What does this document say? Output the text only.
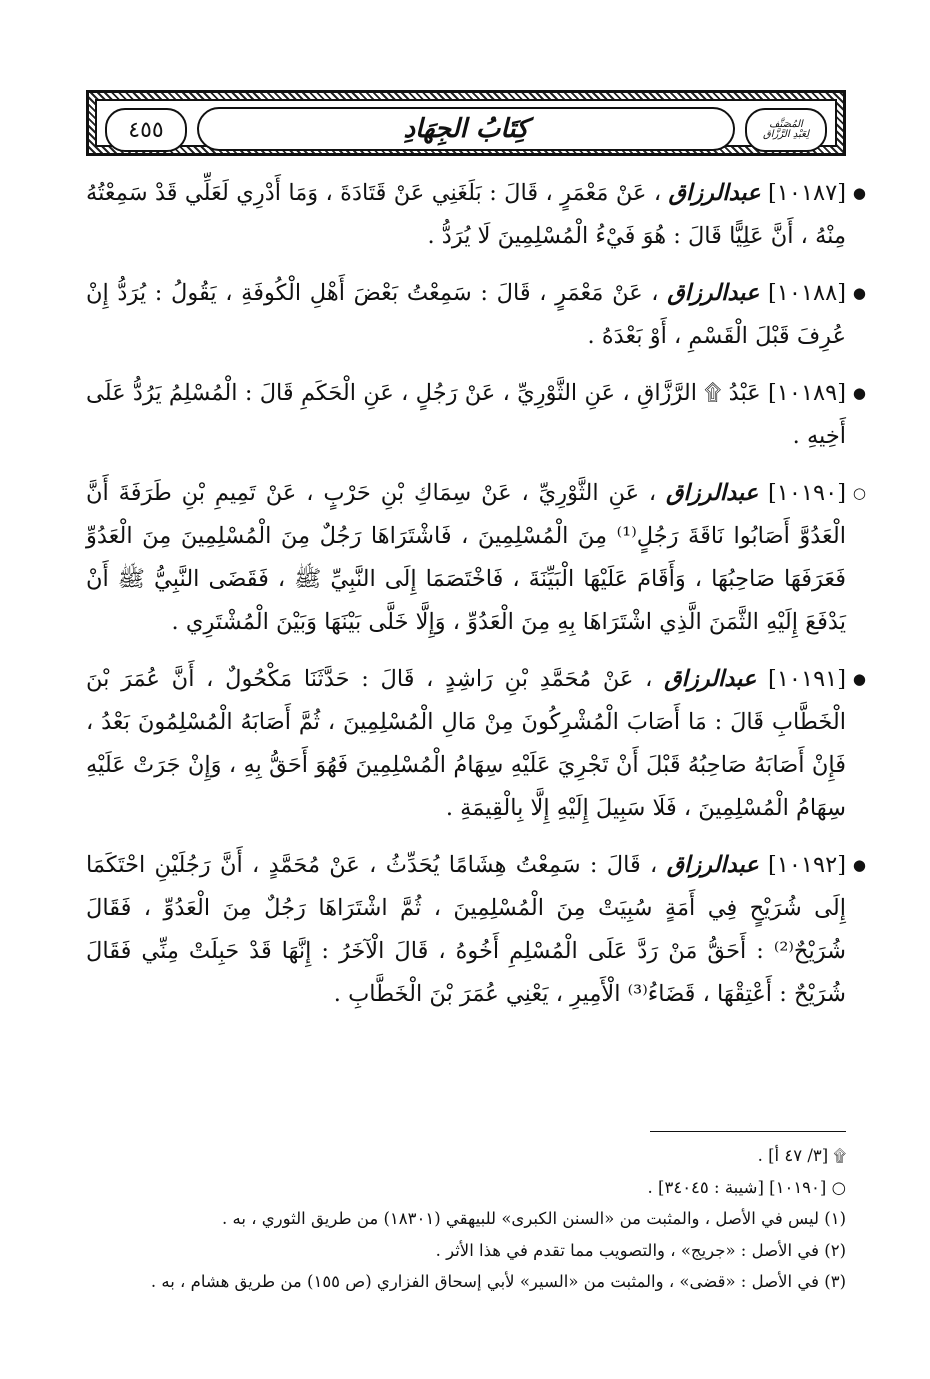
المُصَنَّف
لِعَبْدِ الرَّزَّاق
كِتَابُ الجِهَادِ
٤٥٥

●
[١٠١٨٧] عبدالرزاق ، عَنْ مَعْمَرٍ ، قَالَ : بَلَغَنِي عَنْ قَتَادَةَ ، وَمَا أَدْرِي لَعَلِّي قَدْ سَمِعْتُهُ مِنْهُ ، أَنَّ عَلِيًّا قَالَ : هُوَ فَيْءُ الْمُسْلِمِينَ لَا يُرَدُّ .

●
[١٠١٨٨] عبدالرزاق ، عَنْ مَعْمَرٍ ، قَالَ : سَمِعْتُ بَعْضَ أَهْلِ الْكُوفَةِ ، يَقُولُ : يُرَدُّ إِنْ عُرِفَ قَبْلَ الْقَسْمِ ، أَوْ بَعْدَهُ .

●
[١٠١٨٩] عَبْدُ ۩ الرَّزَّاقِ ، عَنِ الثَّوْرِيِّ ، عَنْ رَجُلٍ ، عَنِ الْحَكَمِ قَالَ : الْمُسْلِمُ يَرُدُّ عَلَى أَخِيهِ .

○
[١٠١٩٠] عبدالرزاق ، عَنِ الثَّوْرِيِّ ، عَنْ سِمَاكِ بْنِ حَرْبٍ ، عَنْ تَمِيمِ بْنِ طَرَفَةَ أَنَّ الْعَدُوَّ أَصَابُوا نَاقَةَ رَجُلٍ⁽¹⁾ مِنَ الْمُسْلِمِينَ ، فَاشْتَرَاهَا رَجُلٌ مِنَ الْمُسْلِمِينَ مِنَ الْعَدُوِّ فَعَرَفَهَا صَاحِبُهَا ، وَأَقَامَ عَلَيْهَا الْبَيِّنَةَ ، فَاخْتَصَمَا إِلَى النَّبِيِّ ﷺ ، فَقَضَى النَّبِيُّ ﷺ أَنْ يَدْفَعَ إِلَيْهِ الثَّمَنَ الَّذِي اشْتَرَاهَا بِهِ مِنَ الْعَدُوِّ ، وَإِلَّا خَلَّى بَيْنَهَا وَبَيْنَ الْمُشْتَرِي .

●
[١٠١٩١] عبدالرزاق ، عَنْ مُحَمَّدِ بْنِ رَاشِدٍ ، قَالَ : حَدَّثَنَا مَكْحُولٌ ، أَنَّ عُمَرَ بْنَ الْخَطَّابِ قَالَ : مَا أَصَابَ الْمُشْرِكُونَ مِنْ مَالِ الْمُسْلِمِينَ ، ثُمَّ أَصَابَهُ الْمُسْلِمُونَ بَعْدُ ، فَإِنْ أَصَابَهُ صَاحِبُهُ قَبْلَ أَنْ تَجْرِيَ عَلَيْهِ سِهَامُ الْمُسْلِمِينَ فَهُوَ أَحَقُّ بِهِ ، وَإِنْ جَرَتْ عَلَيْهِ سِهَامُ الْمُسْلِمِينَ ، فَلَا سَبِيلَ إِلَيْهِ إِلَّا بِالْقِيمَةِ .

●
[١٠١٩٢] عبدالرزاق ، قَالَ : سَمِعْتُ هِشَامًا يُحَدِّثُ ، عَنْ مُحَمَّدٍ ، أَنَّ رَجُلَيْنِ احْتَكَمَا إِلَى شُرَيْحٍ فِي أَمَةٍ سُبِيَتْ مِنَ الْمُسْلِمِينَ ، ثُمَّ اشْتَرَاهَا رَجُلٌ مِنَ الْعَدُوِّ ، فَقَالَ شُرَيْحٌ⁽²⁾ : أَحَقُّ مَنْ رَدَّ عَلَى الْمُسْلِمِ أَخُوهُ ، قَالَ الْآخَرُ : إِنَّهَا قَدْ حَبِلَتْ مِنِّي فَقَالَ شُرَيْحٌ : أَعْتِقْهَا ، قَضَاءُ⁽³⁾ الْأَمِيرِ ، يَعْنِي عُمَرَ بْنَ الْخَطَّابِ .

۩ [٣/ ٤٧ أ] .
○ [١٠١٩٠] [شيبة : ٣٤٠٤٥] .
(١) ليس في الأصل ، والمثبت من «السنن الكبرى» للبيهقي (١٨٣٠١) من طريق الثوري ، به .
(٢) في الأصل : «جريج» ، والتصويب مما تقدم في هذا الأثر .
(٣) في الأصل : «قضى» ، والمثبت من «السير» لأبي إسحاق الفزاري (ص ١٥٥) من طريق هشام ، به .
